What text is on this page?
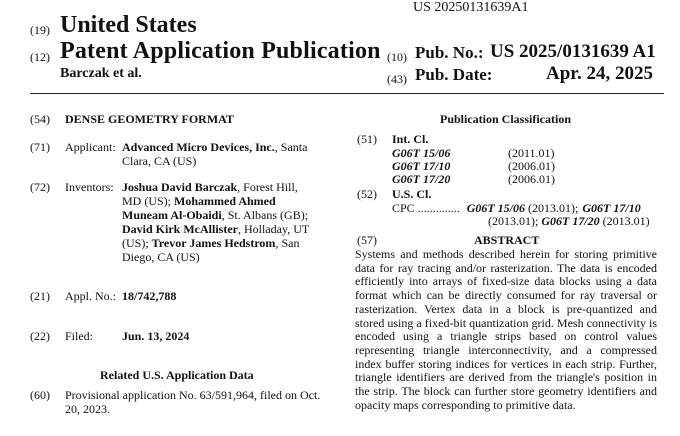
US 20250131639A1
(19) United States
(12) Patent Application Publication
Barczak et al.
(10) Pub. No.: US 2025/0131639 A1
(43) Pub. Date:	Apr. 24, 2025
(54) DENSE GEOMETRY FORMAT
(71) Applicant: Advanced Micro Devices, Inc., Santa
Clara, CA (US)
(72) Inventors: Joshua David Barczak, Forest Hill,
MD (US); Mohammed Ahmed
Muneam Al-Obaidi, St. Albans (GB);
David Kirk McAllister, Holladay, UT
(US); Trevor James Hedstrom, San
Diego, CA (US)
(21) Appl. No.: 18/742,788
(22) Filed: Jun. 13, 2024
Related U.S. Application Data
(60) Provisional application No. 63/591,964, filed on Oct.
20, 2023.
Publication Classification
(51) Int. Cl.
G06T 15/06	(2011.01)
G06T 17/10	(2006.01)
G06T 17/20	(2006.01)
(52) U.S. Cl.
CPC .............. G06T 15/06 (2013.01); G06T 17/10
(2013.01); G06T 17/20 (2013.01)
(57)	ABSTRACT
Systems and methods described herein for storing primitive data for ray tracing and/or rasterization. The data is encoded efficiently into arrays of fixed-size data blocks using a data format which can be directly consumed for ray traversal or rasterization. Vertex data in a block is pre-quantized and stored using a fixed-bit quantization grid. Mesh connectivity is encoded using a triangle strips based on control values representing triangle interconnectivity, and a compressed index buffer storing indices for vertices in each strip. Further, triangle identifiers are derived from the triangle's position in the strip. The block can further store geometry identifiers and opacity maps corresponding to primitive data.
